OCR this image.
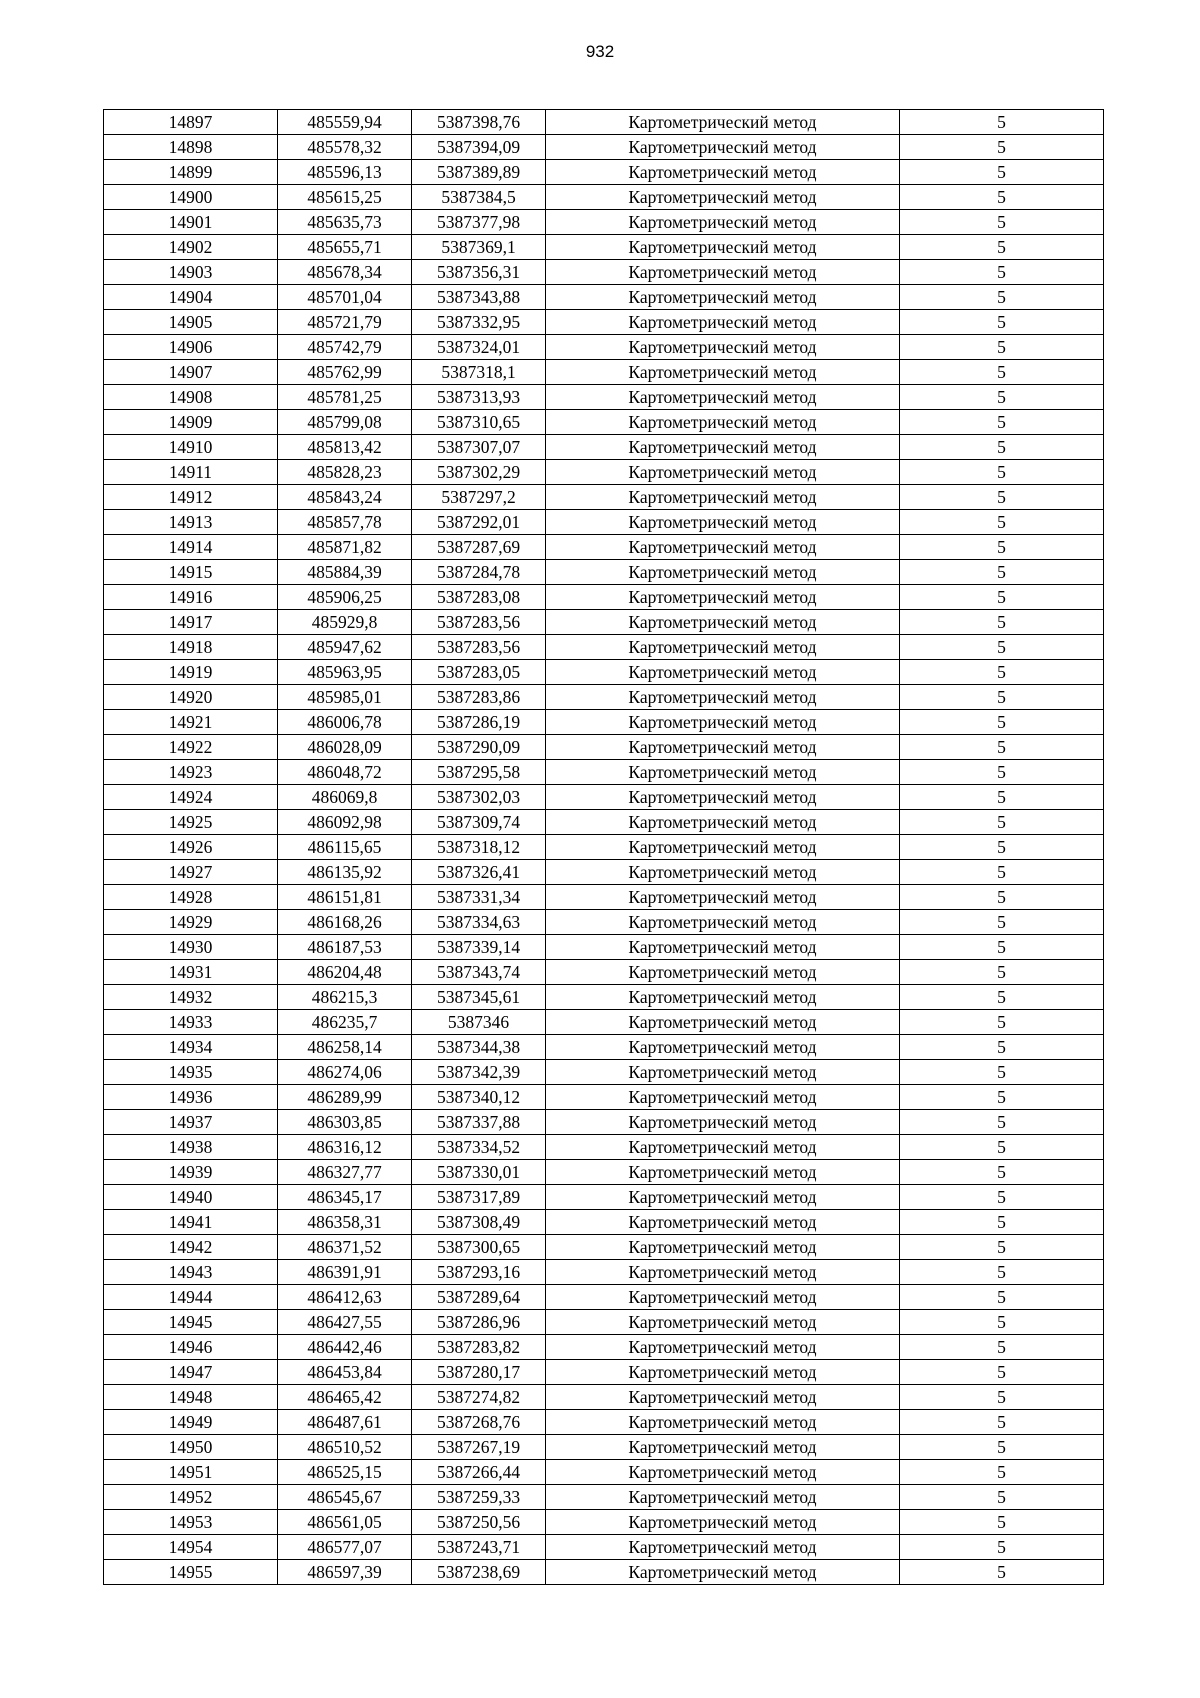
932
14897	485559,94	5387398,76	Картометрический метод	5
14898	485578,32	5387394,09	Картометрический метод	5
14899	485596,13	5387389,89	Картометрический метод	5
14900	485615,25	5387384,5	Картометрический метод	5
14901	485635,73	5387377,98	Картометрический метод	5
14902	485655,71	5387369,1	Картометрический метод	5
14903	485678,34	5387356,31	Картометрический метод	5
14904	485701,04	5387343,88	Картометрический метод	5
14905	485721,79	5387332,95	Картометрический метод	5
14906	485742,79	5387324,01	Картометрический метод	5
14907	485762,99	5387318,1	Картометрический метод	5
14908	485781,25	5387313,93	Картометрический метод	5
14909	485799,08	5387310,65	Картометрический метод	5
14910	485813,42	5387307,07	Картометрический метод	5
14911	485828,23	5387302,29	Картометрический метод	5
14912	485843,24	5387297,2	Картометрический метод	5
14913	485857,78	5387292,01	Картометрический метод	5
14914	485871,82	5387287,69	Картометрический метод	5
14915	485884,39	5387284,78	Картометрический метод	5
14916	485906,25	5387283,08	Картометрический метод	5
14917	485929,8	5387283,56	Картометрический метод	5
14918	485947,62	5387283,56	Картометрический метод	5
14919	485963,95	5387283,05	Картометрический метод	5
14920	485985,01	5387283,86	Картометрический метод	5
14921	486006,78	5387286,19	Картометрический метод	5
14922	486028,09	5387290,09	Картометрический метод	5
14923	486048,72	5387295,58	Картометрический метод	5
14924	486069,8	5387302,03	Картометрический метод	5
14925	486092,98	5387309,74	Картометрический метод	5
14926	486115,65	5387318,12	Картометрический метод	5
14927	486135,92	5387326,41	Картометрический метод	5
14928	486151,81	5387331,34	Картометрический метод	5
14929	486168,26	5387334,63	Картометрический метод	5
14930	486187,53	5387339,14	Картометрический метод	5
14931	486204,48	5387343,74	Картометрический метод	5
14932	486215,3	5387345,61	Картометрический метод	5
14933	486235,7	5387346	Картометрический метод	5
14934	486258,14	5387344,38	Картометрический метод	5
14935	486274,06	5387342,39	Картометрический метод	5
14936	486289,99	5387340,12	Картометрический метод	5
14937	486303,85	5387337,88	Картометрический метод	5
14938	486316,12	5387334,52	Картометрический метод	5
14939	486327,77	5387330,01	Картометрический метод	5
14940	486345,17	5387317,89	Картометрический метод	5
14941	486358,31	5387308,49	Картометрический метод	5
14942	486371,52	5387300,65	Картометрический метод	5
14943	486391,91	5387293,16	Картометрический метод	5
14944	486412,63	5387289,64	Картометрический метод	5
14945	486427,55	5387286,96	Картометрический метод	5
14946	486442,46	5387283,82	Картометрический метод	5
14947	486453,84	5387280,17	Картометрический метод	5
14948	486465,42	5387274,82	Картометрический метод	5
14949	486487,61	5387268,76	Картометрический метод	5
14950	486510,52	5387267,19	Картометрический метод	5
14951	486525,15	5387266,44	Картометрический метод	5
14952	486545,67	5387259,33	Картометрический метод	5
14953	486561,05	5387250,56	Картометрический метод	5
14954	486577,07	5387243,71	Картометрический метод	5
14955	486597,39	5387238,69	Картометрический метод	5
